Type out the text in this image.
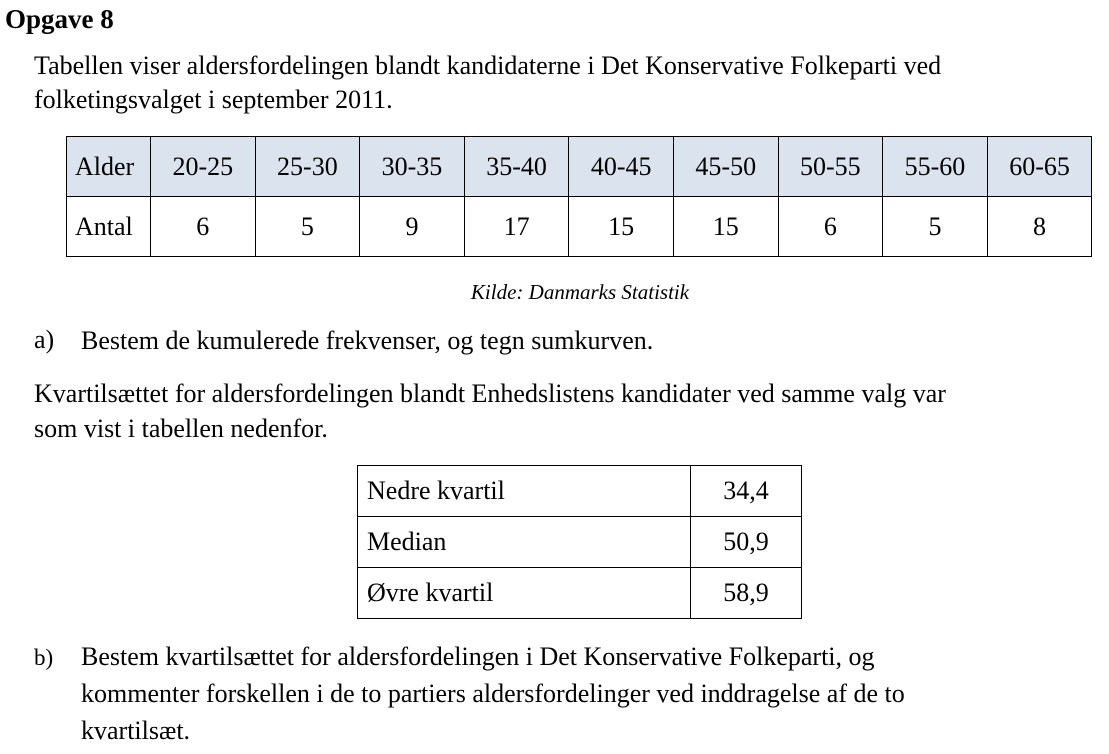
Opgave 8
Tabellen viser aldersfordelingen blandt kandidaterne i Det Konservative Folkeparti ved
folketingsvalget i september 2011.
Alder	20-25	25-30	30-35	35-40	40-45	45-50	50-55	55-60	60-65
Antal	6	5	9	17	15	15	6	5	8
Kilde: Danmarks Statistik
a) Bestem de kumulerede frekvenser, og tegn sumkurven.
Kvartilsættet for aldersfordelingen blandt Enhedslistens kandidater ved samme valg var
som vist i tabellen nedenfor.
Nedre kvartil	34,4
Median	50,9
Øvre kvartil	58,9
b) Bestem kvartilsættet for aldersfordelingen i Det Konservative Folkeparti, og
kommenter forskellen i de to partiers aldersfordelinger ved inddragelse af de to
kvartilsæt.
